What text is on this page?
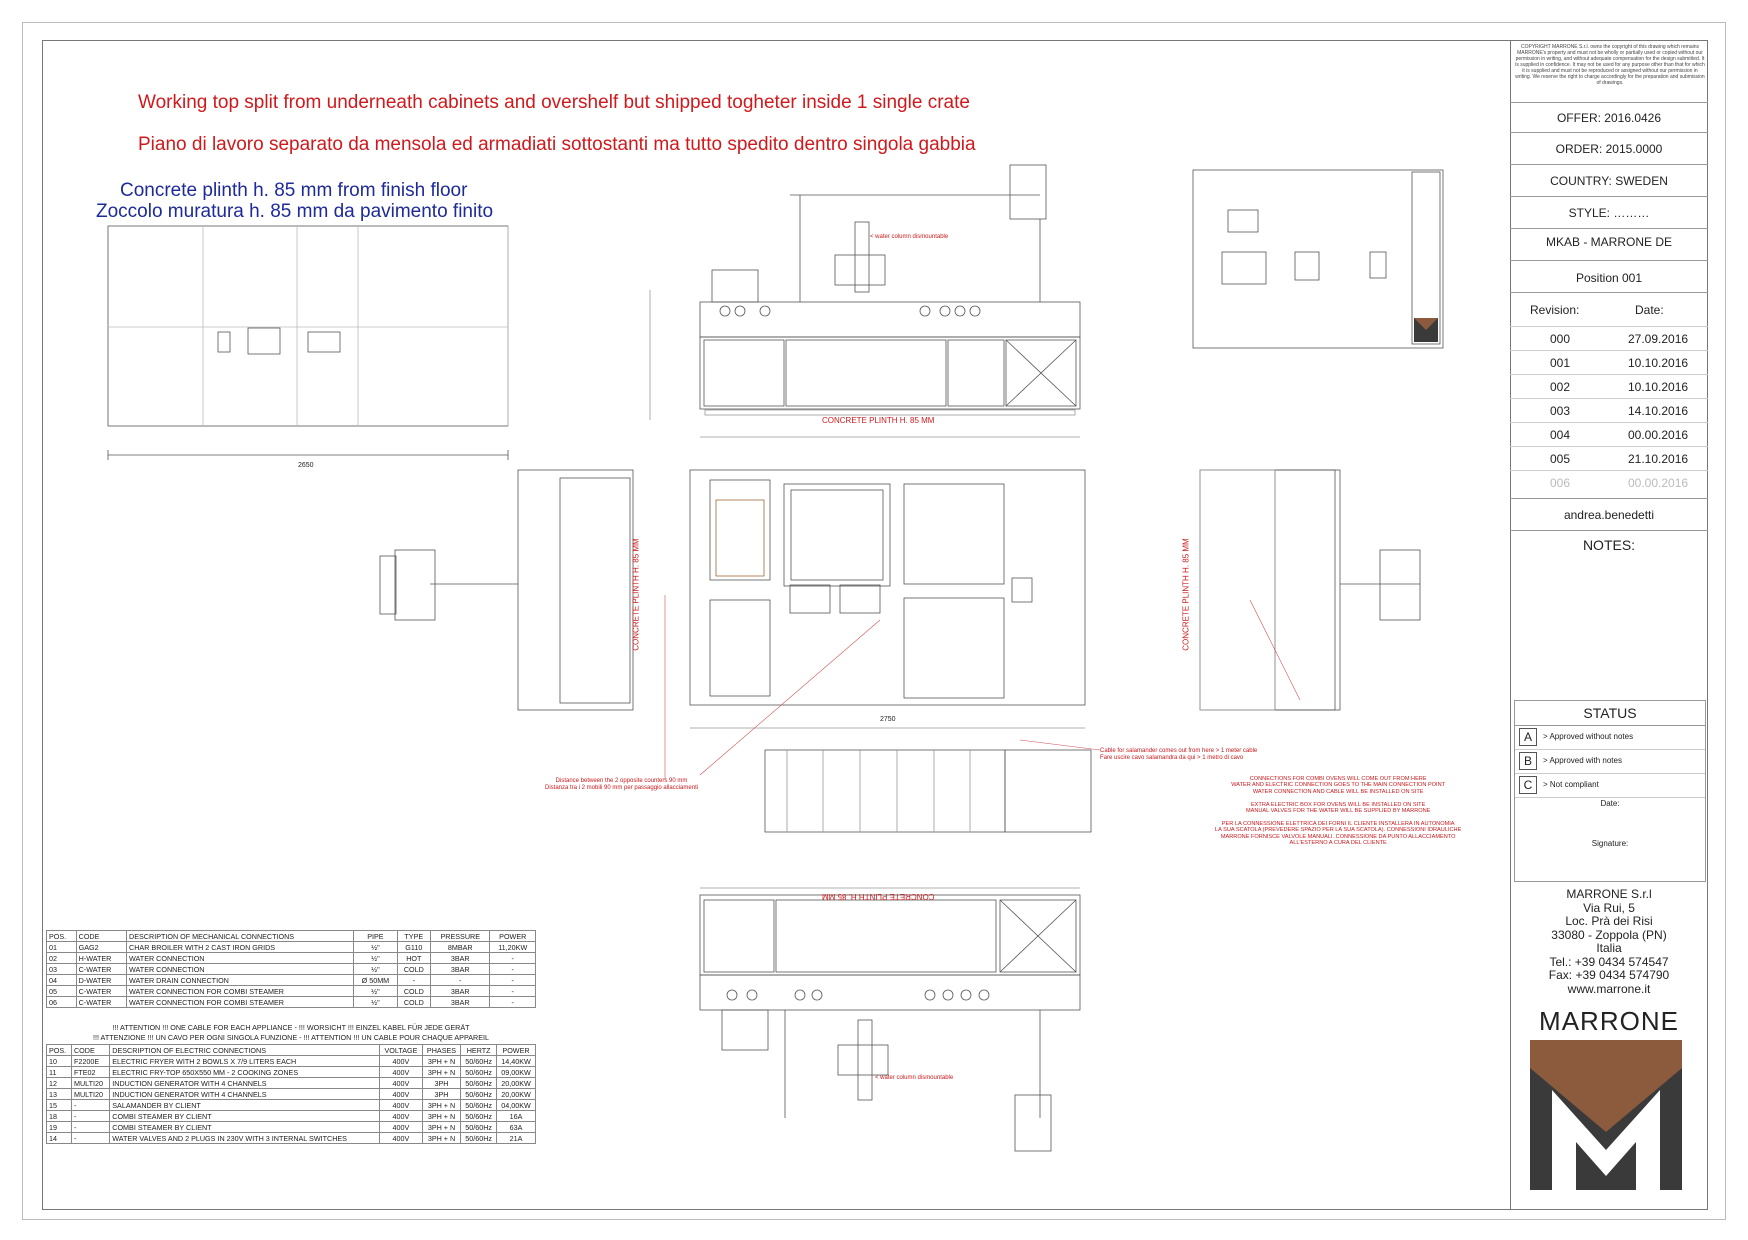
Working top split from underneath cabinets and overshelf but shipped togheter inside 1 single crate
Piano di lavoro separato da mensola ed armadiati sottostanti ma tutto spedito dentro singola gabbia
Concrete plinth h. 85 mm from finish floor
Zoccolo muratura h. 85 mm da pavimento finito
CONCRETE PLINTH H. 85 MM
CONCRETE PLINTH H. 85 MM
CONCRETE PLINTH H. 85 MM	CONCRETE PLINTH H. 85 MM
< water column dismountable
< water column dismountable
Distance between the 2 opposite counters 90 mm
Distanza tra i 2 mobili 90 mm per passaggio allacciamenti
Cable for salamander comes out from here > 1 meter cable
Fare uscire cavo salamandra da qui > 1 metro di cavo
CONNECTIONS FOR COMBI OVENS WILL COME OUT FROM HERE
WATER AND ELECTRIC CONNECTION GOES TO THE MAIN CONNECTION POINT
WATER CONNECTION AND CABLE WILL BE INSTALLED ON SITE

EXTRA ELECTRIC BOX FOR OVENS WILL BE INSTALLED ON SITE
MANUAL VALVES FOR THE WATER WILL BE SUPPLIED BY MARRONE

PER LA CONNESSIONE ELETTRICA DEI FORNI IL CLIENTE INSTALLERA IN AUTONOMIA
LA SUA SCATOLA (PREVEDERE SPAZIO PER LA SUA SCATOLA). CONNESSIONI IDRAULICHE
MARRONE FORNISCE VALVOLE MANUALI. CONNESSIONE DA PUNTO ALLACCIAMENTO
ALL'ESTERNO A CURA DEL CLIENTE
2650
2750
POS.	CODE	DESCRIPTION OF MECHANICAL CONNECTIONS	PIPE	TYPE	PRESSURE	POWER
01	GAG2	CHAR BROILER WITH 2 CAST IRON GRIDS	½"	G110	8MBAR	11,20KW
02	H-WATER	WATER CONNECTION	½"	HOT	3BAR	-
03	C-WATER	WATER CONNECTION	½"	COLD	3BAR	-
04	D-WATER	WATER DRAIN CONNECTION	Ø 50MM	-	-	-
05	C-WATER	WATER CONNECTION FOR COMBI STEAMER	½"	COLD	3BAR	-
06	C-WATER	WATER CONNECTION FOR COMBI STEAMER	½"	COLD	3BAR	-
!!! ATTENTION !!! ONE CABLE FOR EACH APPLIANCE - !!! WORSICHT !!! EINZEL KABEL FÜR JEDE GERÄT
!!! ATTENZIONE !!! UN CAVO PER OGNI SINGOLA FUNZIONE - !!! ATTENTION !!! UN CABLE POUR CHAQUE APPAREIL
POS.	CODE	DESCRIPTION OF ELECTRIC CONNECTIONS	VOLTAGE	PHASES	HERTZ	POWER
10	F2200E	ELECTRIC FRYER WITH 2 BOWLS X 7/9 LITERS EACH	400V	3PH + N	50/60Hz	14,40KW
11	FTE02	ELECTRIC FRY-TOP 650X550 MM - 2 COOKING ZONES	400V	3PH + N	50/60Hz	09,00KW
12	MULTI20	INDUCTION GENERATOR WITH 4 CHANNELS	400V	3PH	50/60Hz	20,00KW
13	MULTI20	INDUCTION GENERATOR WITH 4 CHANNELS	400V	3PH	50/60Hz	20,00KW
15	-	SALAMANDER BY CLIENT	400V	3PH + N	50/60Hz	04,00KW
18	-	COMBI STEAMER BY CLIENT	400V	3PH + N	50/60Hz	16A
19	-	COMBI STEAMER BY CLIENT	400V	3PH + N	50/60Hz	63A
14	-	WATER VALVES AND 2 PLUGS IN 230V WITH 3 INTERNAL SWITCHES	400V	3PH + N	50/60Hz	21A
COPYRIGHT MARRONE S.r.l. owns the copyright of this drawing which remains MARRONE's property and must not be wholly or partially used or copied without our permission in writing, and without adequate compensation for the design submitted. It is supplied in confidence. It may not be used for any purpose other than that for which it is supplied and must not be reproduced or assigned without our permission in writing. We reserve the right to charge accordingly for the preparation and submission of drawings.
OFFER: 2016.0426
ORDER: 2015.0000
COUNTRY: SWEDEN
STYLE: ………
MKAB - MARRONE DE
Position 001
Revision:	Date:
000	27.09.2016
001	10.10.2016
002	10.10.2016
003	14.10.2016
004	00.00.2016
005	21.10.2016
006	00.00.2016
andrea.benedetti
NOTES:
STATUS
A	> Approved without notes
B	> Approved with notes
C	> Not compliant
Date:
Signature:
MARRONE S.r.l
Via Rui, 5
Loc. Prà dei Risi
33080 - Zoppola (PN)
Italia
Tel.: +39 0434 574547
Fax: +39 0434 574790
www.marrone.it
MARRONE
